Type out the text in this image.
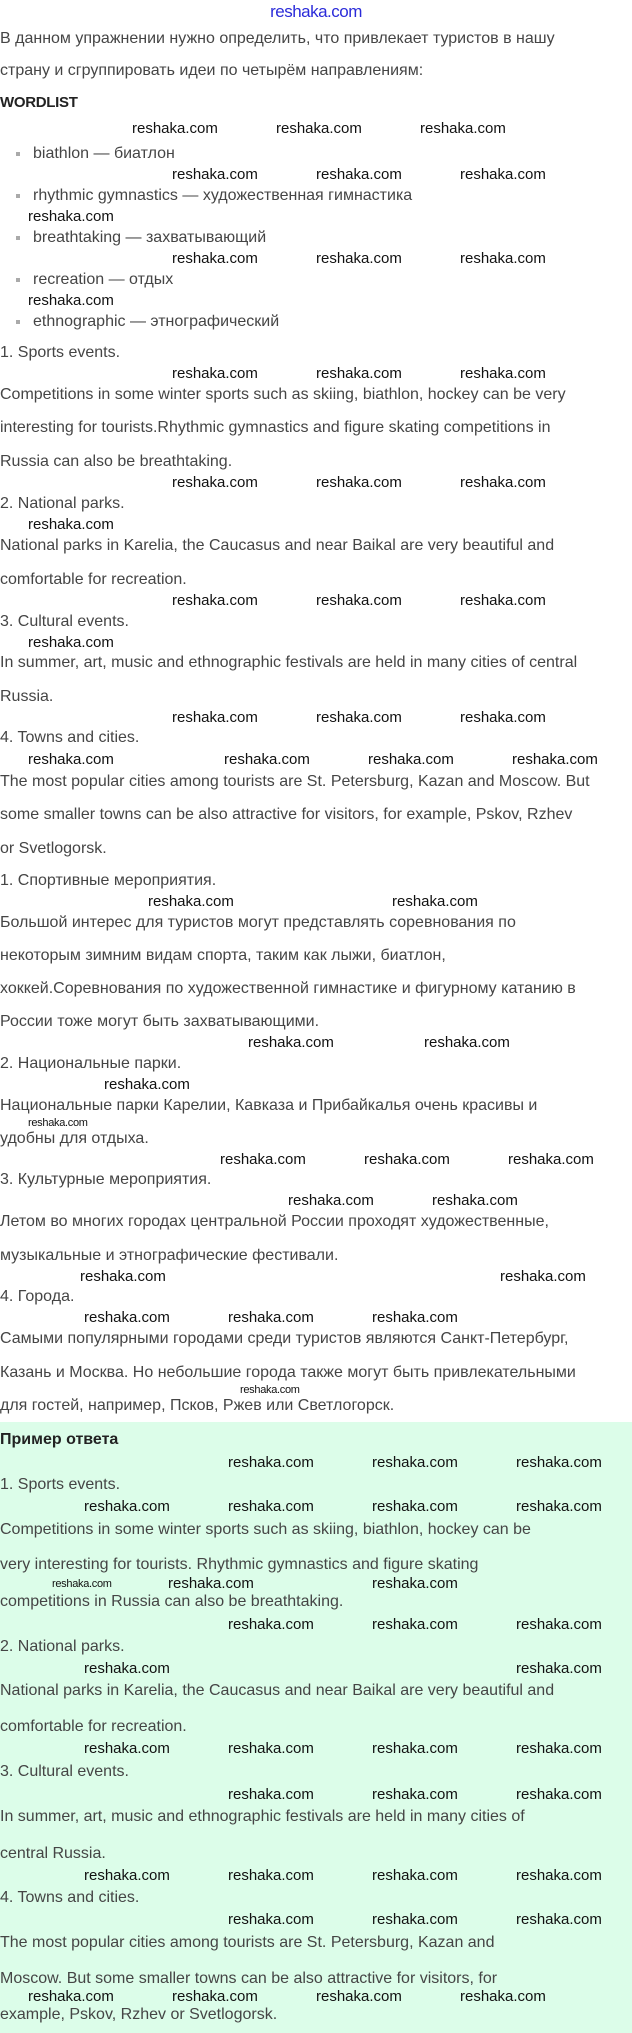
reshaka.com
В данном упражнении нужно определить, что привлекает туристов в нашу
страну и сгруппировать идеи по четырём направлениям:
WORDLIST
biathlon — биатлон
rhythmic gymnastics — художественная гимнастика
breathtaking — захватывающий
recreation — отдых
ethnographic — этнографический
1. Sports events.
Competitions in some winter sports such as skiing, biathlon, hockey can be very
interesting for tourists.Rhythmic gymnastics and figure skating competitions in
Russia can also be breathtaking.
2. National parks.
National parks in Karelia, the Caucasus and near Baikal are very beautiful and
comfortable for recreation.
3. Cultural events.
In summer, art, music and ethnographic festivals are held in many cities of central
Russia.
4. Towns and cities.
The most popular cities among tourists are St. Petersburg, Kazan and Moscow. But
some smaller towns can be also attractive for visitors, for example, Pskov, Rzhev
or Svetlogorsk.
1. Спортивные мероприятия.
Большой интерес для туристов могут представлять соревнования по
некоторым зимним видам спорта, таким как лыжи, биатлон,
хоккей.Соревнования по художественной гимнастике и фигурному катанию в
России тоже могут быть захватывающими.
2. Национальные парки.
Национальные парки Карелии, Кавказа и Прибайкалья очень красивы и
удобны для отдыха.
3. Культурные мероприятия.
Летом во многих городах центральной России проходят художественные,
музыкальные и этнографические фестивали.
4. Города.
Самыми популярными городами среди туристов являются Санкт-Петербург,
Казань и Москва. Но небольшие города также могут быть привлекательными
для гостей, например, Псков, Ржев или Светлогорск.
Пример ответа
1. Sports events.
Competitions in some winter sports such as skiing, biathlon, hockey can be
very interesting for tourists. Rhythmic gymnastics and figure skating
competitions in Russia can also be breathtaking.
2. National parks.
National parks in Karelia, the Caucasus and near Baikal are very beautiful and
comfortable for recreation.
3. Cultural events.
In summer, art, music and ethnographic festivals are held in many cities of
central Russia.
4. Towns and cities.
The most popular cities among tourists are St. Petersburg, Kazan and
Moscow. But some smaller towns can be also attractive for visitors, for
example, Pskov, Rzhev or Svetlogorsk.
reshaka.com	reshaka.com	reshaka.com
reshaka.com	reshaka.com	reshaka.com
reshaka.com
reshaka.com	reshaka.com	reshaka.com
reshaka.com
reshaka.com	reshaka.com	reshaka.com
reshaka.com	reshaka.com	reshaka.com
reshaka.com
reshaka.com	reshaka.com	reshaka.com
reshaka.com
reshaka.com	reshaka.com	reshaka.com
reshaka.com	reshaka.com	reshaka.com	reshaka.com
reshaka.com	reshaka.com
reshaka.com	reshaka.com
reshaka.com
reshaka.com
reshaka.com	reshaka.com	reshaka.com
reshaka.com	reshaka.com
reshaka.com	reshaka.com
reshaka.com	reshaka.com	reshaka.com
reshaka.com
reshaka.com	reshaka.com	reshaka.com
reshaka.com	reshaka.com	reshaka.com	reshaka.com
reshaka.com	reshaka.com	reshaka.com
reshaka.com	reshaka.com	reshaka.com
reshaka.com	reshaka.com
reshaka.com	reshaka.com	reshaka.com	reshaka.com
reshaka.com	reshaka.com	reshaka.com
reshaka.com	reshaka.com	reshaka.com	reshaka.com
reshaka.com	reshaka.com	reshaka.com
reshaka.com	reshaka.com	reshaka.com	reshaka.com
